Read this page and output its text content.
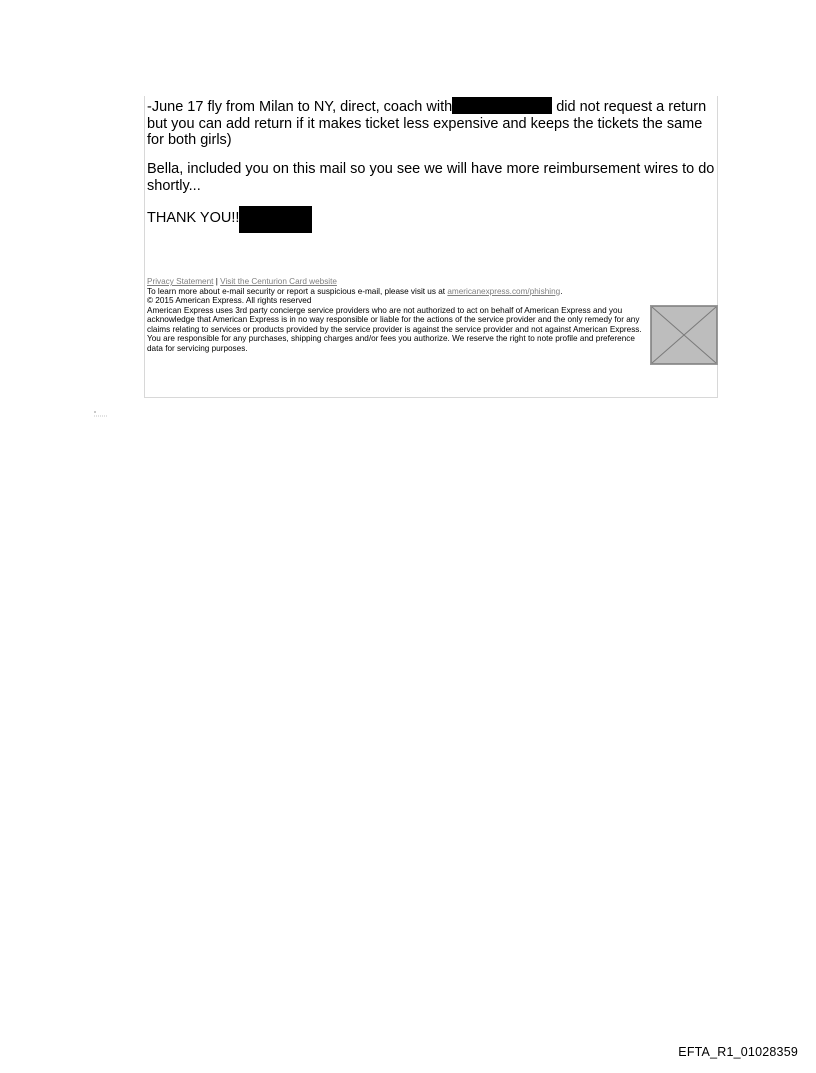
-June 17 fly from Milan to NY, direct, coach with	did not request a return but you can add return if it makes ticket less expensive and keeps the tickets the same for both girls)

Bella, included you on this mail so you see we will have more reimbursement wires to do shortly...

THANK YOU!!

Privacy Statement | Visit the Centurion Card website
To learn more about e-mail security or report a suspicious e-mail, please visit us at americanexpress.com/phishing.
© 2015 American Express. All rights reserved
American Express uses 3rd party concierge service providers who are not authorized to act on behalf of American Express and you acknowledge that American Express is in no way responsible or liable for the actions of the service provider and the only remedy for any claims relating to services or products provided by the service provider is against the service provider and not against American Express. You are responsible for any purchases, shipping charges and/or fees you authorize. We reserve the right to note profile and preference data for servicing purposes.
EFTA_R1_01028359
